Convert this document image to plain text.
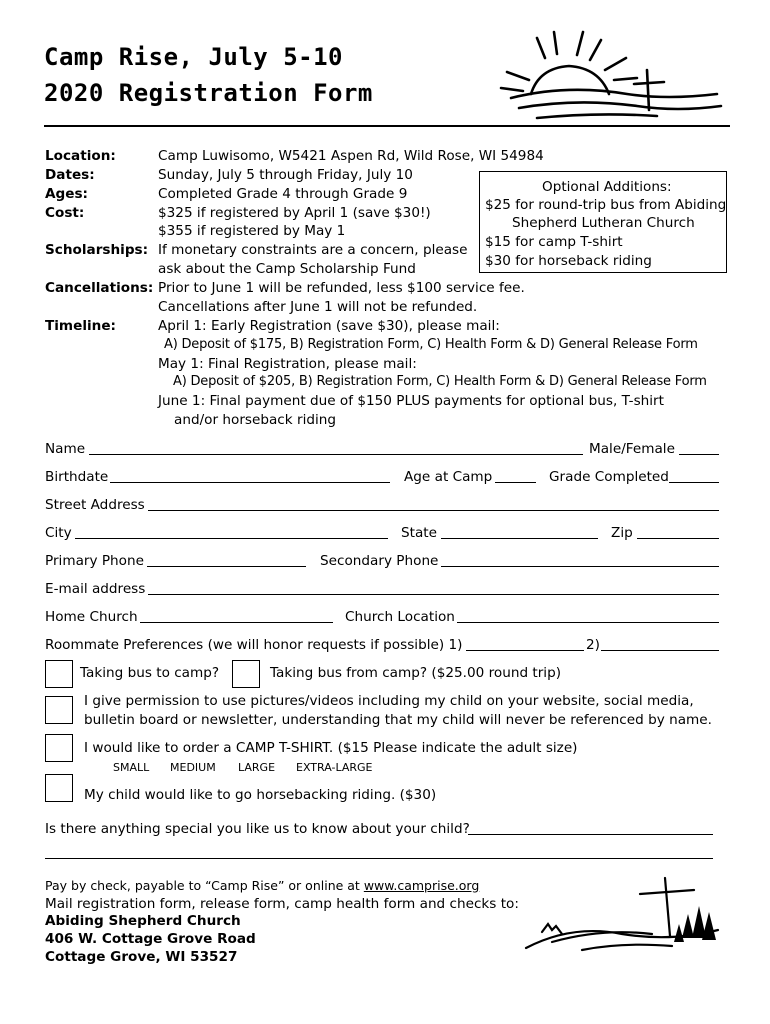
Camp Rise, July 5-10
2020 Registration Form
Location:	Camp Luwisomo, W5421 Aspen Rd, Wild Rose, WI 54984
Dates:	Sunday, July 5 through Friday, July 10
Ages:	Completed Grade 4 through Grade 9
Cost:	$325 if registered by April 1 (save $30!)
$355 if registered by May 1
Scholarships: If monetary constraints are a concern, please
ask about the Camp Scholarship Fund
Cancellations: Prior to June 1 will be refunded, less $100 service fee.
Cancellations after June 1 will not be refunded.
Timeline:	April 1: Early Registration (save $30), please mail:
A) Deposit of $175, B) Registration Form, C) Health Form & D) General Release Form
May 1: Final Registration, please mail:
A) Deposit of $205, B) Registration Form, C) Health Form & D) General Release Form
June 1: Final payment due of $150 PLUS payments for optional bus, T-shirt
and/or horseback riding
Optional Additions:
$25 for round-trip bus from Abiding
Shepherd Lutheran Church
$15 for camp T-shirt
$30 for horseback riding
Name	Male/Female
Birthdate	Age at Camp	Grade Completed
Street Address
City	State	Zip
Primary Phone	Secondary Phone
E-mail address
Home Church	Church Location
Roommate Preferences (we will honor requests if possible) 1)	2)
Taking bus to camp?	Taking bus from camp? ($25.00 round trip)
I give permission to use pictures/videos including my child on your website, social media,
bulletin board or newsletter, understanding that my child will never be referenced by name.
I would like to order a CAMP T-SHIRT. ($15 Please indicate the adult size)
SMALL MEDIUM LARGE EXTRA-LARGE
My child would like to go horsebacking riding. ($30)
Is there anything special you like us to know about your child?
Pay by check, payable to “Camp Rise” or online at www.camprise.org
Mail registration form, release form, camp health form and checks to:
Abiding Shepherd Church
406 W. Cottage Grove Road
Cottage Grove, WI 53527
